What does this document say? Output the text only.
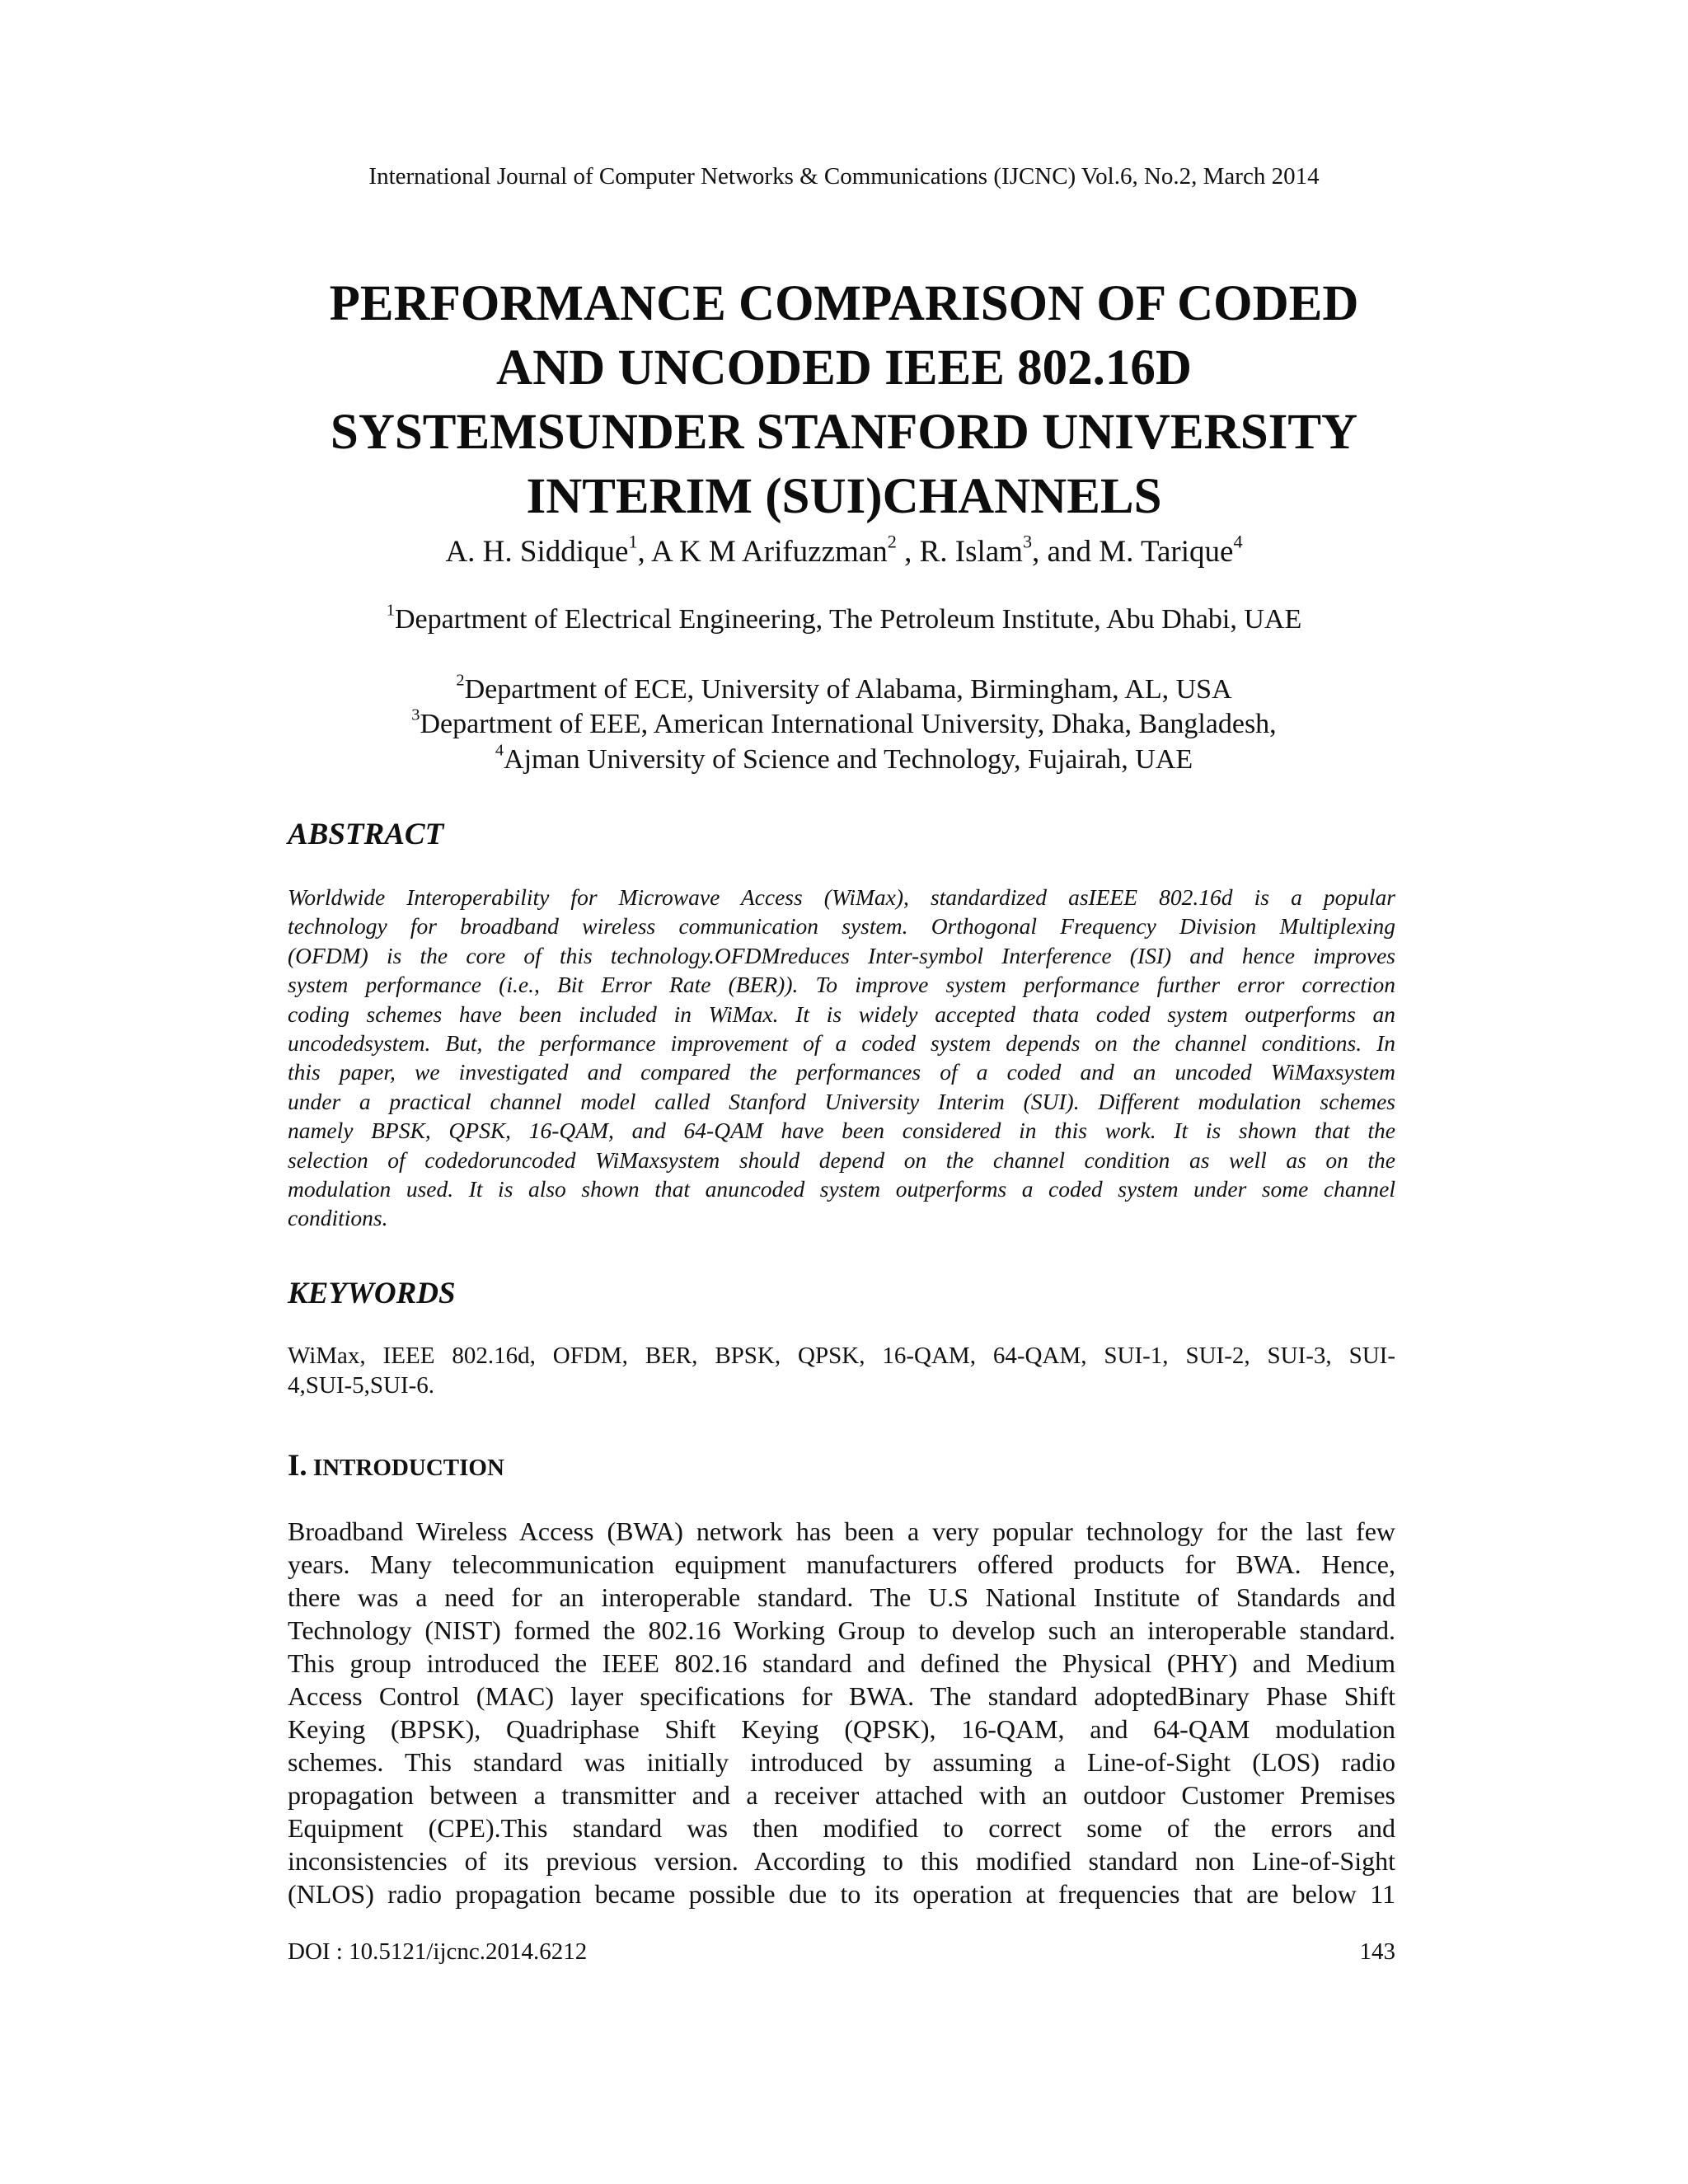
International Journal of Computer Networks & Communications (IJCNC) Vol.6, No.2, March 2014
PERFORMANCE COMPARISON OF CODED
AND UNCODED IEEE 802.16D
SYSTEMSUNDER STANFORD UNIVERSITY
INTERIM (SUI)CHANNELS
A. H. Siddique$^1$, A K M Arifuzzman$^2$ , R. Islam$^3$, and M. Tarique$^4$
$^1$Department of Electrical Engineering, The Petroleum Institute, Abu Dhabi, UAE
$^2$Department of ECE, University of Alabama, Birmingham, AL, USA
$^3$Department of EEE, American International University, Dhaka, Bangladesh,
$^4$Ajman University of Science and Technology, Fujairah, UAE
ABSTRACT
Worldwide Interoperability for Microwave Access (WiMax), standardized asIEEE 802.16d is a popular
technology for broadband wireless communication system. Orthogonal Frequency Division Multiplexing
(OFDM) is the core of this technology.OFDMreduces Inter-symbol Interference (ISI) and hence improves
system performance (i.e., Bit Error Rate (BER)). To improve system performance further error correction
coding schemes have been included in WiMax. It is widely accepted thata coded system outperforms an
uncodedsystem. But, the performance improvement of a coded system depends on the channel conditions. In
this paper, we investigated and compared the performances of a coded and an uncoded WiMaxsystem
under a practical channel model called Stanford University Interim (SUI). Different modulation schemes
namely BPSK, QPSK, 16-QAM, and 64-QAM have been considered in this work. It is shown that the
selection of codedoruncoded WiMaxsystem should depend on the channel condition as well as on the
modulation used. It is also shown that anuncoded system outperforms a coded system under some channel
conditions.
KEYWORDS
WiMax, IEEE 802.16d, OFDM, BER, BPSK, QPSK, 16-QAM, 64-QAM, SUI-1, SUI-2, SUI-3, SUI-
4,SUI-5,SUI-6.
I. INTRODUCTION
Broadband Wireless Access (BWA) network has been a very popular technology for the last few
years. Many telecommunication equipment manufacturers offered products for BWA. Hence,
there was a need for an interoperable standard. The U.S National Institute of Standards and
Technology (NIST) formed the 802.16 Working Group to develop such an interoperable standard.
This group introduced the IEEE 802.16 standard and defined the Physical (PHY) and Medium
Access Control (MAC) layer specifications for BWA. The standard adoptedBinary Phase Shift
Keying (BPSK), Quadriphase Shift Keying (QPSK), 16-QAM, and 64-QAM modulation
schemes. This standard was initially introduced by assuming a Line-of-Sight (LOS) radio
propagation between a transmitter and a receiver attached with an outdoor Customer Premises
Equipment (CPE).This standard was then modified to correct some of the errors and
inconsistencies of its previous version. According to this modified standard non Line-of-Sight
(NLOS) radio propagation became possible due to its operation at frequencies that are below 11
DOI : 10.5121/ijcnc.2014.6212	143
